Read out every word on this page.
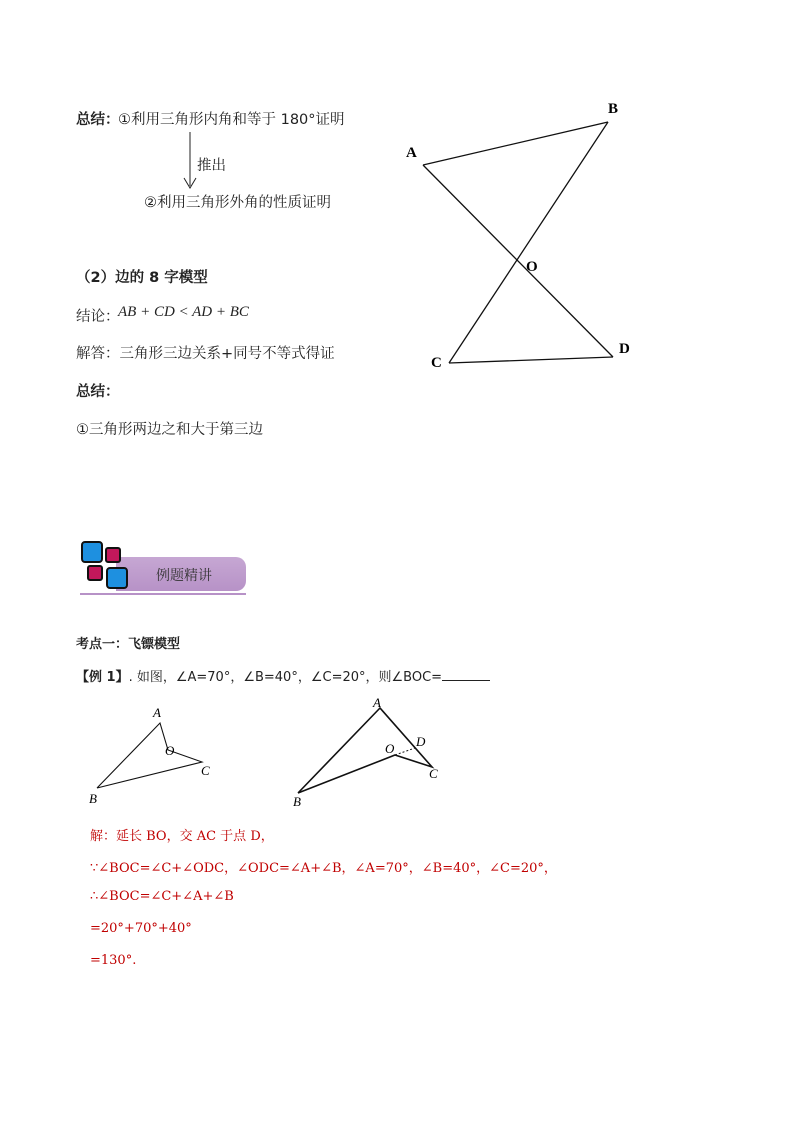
总结：
①利用三角形内角和等于 180°证明
推出
②利用三角形外角的性质证明
A
B
O
C
D
（2）边的 8 字模型
结论：
AB + CD < AD + BC
解答：三角形三边关系+同号不等式得证
总结：
①三角形两边之和大于第三边
例题精讲
考点一：飞镖模型
【例 1】. 如图，∠A=70°，∠B=40°，∠C=20°，则∠BOC=
A
O
B
C
A
O D
B
C
解：延长 BO，交 AC 于点 D，
∵∠BOC=∠C+∠ODC，∠ODC=∠A+∠B，∠A=70°，∠B=40°，∠C=20°，
∴∠BOC=∠C+∠A+∠B
=20°+70°+40°
=130°.
